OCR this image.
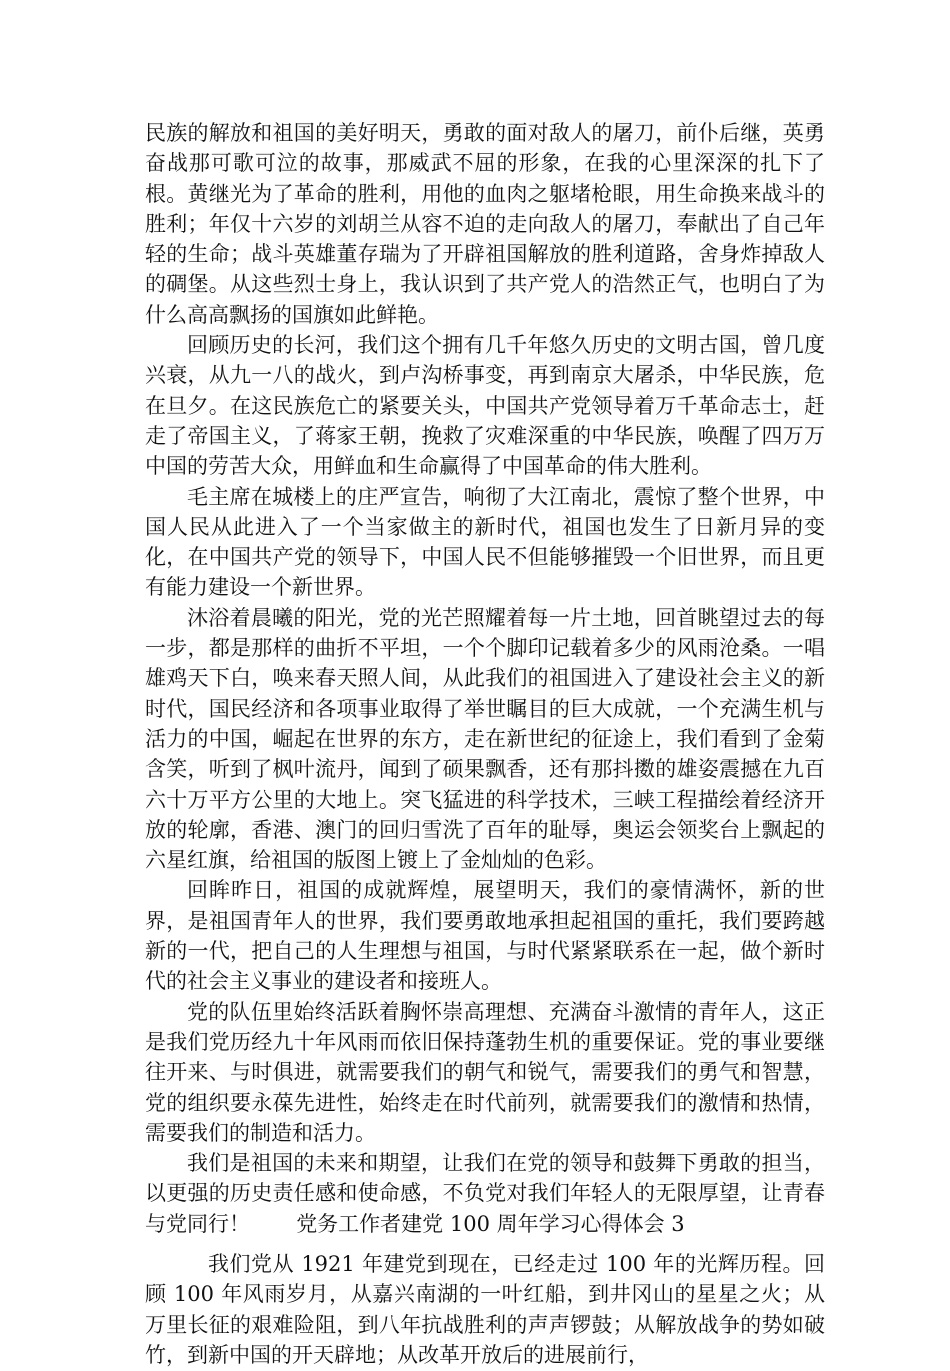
民族的解放和祖国的美好明天，勇敢的面对敌人的屠刀，前仆后继，英勇奋战那可歌可泣的故事，那威武不屈的形象，在我的心里深深的扎下了根。黄继光为了革命的胜利，用他的血肉之躯堵枪眼，用生命换来战斗的胜利；年仅十六岁的刘胡兰从容不迫的走向敌人的屠刀，奉献出了自己年轻的生命；战斗英雄董存瑞为了开辟祖国解放的胜利道路，舍身炸掉敌人的碉堡。从这些烈士身上，我认识到了共产党人的浩然正气，也明白了为什么高高飘扬的国旗如此鲜艳。

回顾历史的长河，我们这个拥有几千年悠久历史的文明古国，曾几度兴衰，从九一八的战火，到卢沟桥事变，再到南京大屠杀，中华民族，危在旦夕。在这民族危亡的紧要关头，中国共产党领导着万千革命志士，赶走了帝国主义，了蒋家王朝，挽救了灾难深重的中华民族，唤醒了四万万中国的劳苦大众，用鲜血和生命赢得了中国革命的伟大胜利。

毛主席在城楼上的庄严宣告，响彻了大江南北，震惊了整个世界，中国人民从此进入了一个当家做主的新时代，祖国也发生了日新月异的变化，在中国共产党的领导下，中国人民不但能够摧毁一个旧世界，而且更有能力建设一个新世界。

沐浴着晨曦的阳光，党的光芒照耀着每一片土地，回首眺望过去的每一步，都是那样的曲折不平坦，一个个脚印记载着多少的风雨沧桑。一唱雄鸡天下白，唤来春天照人间，从此我们的祖国进入了建设社会主义的新时代，国民经济和各项事业取得了举世瞩目的巨大成就，一个充满生机与活力的中国，崛起在世界的东方，走在新世纪的征途上，我们看到了金菊含笑，听到了枫叶流丹，闻到了硕果飘香，还有那抖擞的雄姿震撼在九百六十万平方公里的大地上。突飞猛进的科学技术，三峡工程描绘着经济开放的轮廓，香港、澳门的回归雪洗了百年的耻辱，奥运会领奖台上飘起的六星红旗，给祖国的版图上镀上了金灿灿的色彩。

回眸昨日，祖国的成就辉煌，展望明天，我们的豪情满怀，新的世界，是祖国青年人的世界，我们要勇敢地承担起祖国的重托，我们要跨越新的一代，把自己的人生理想与祖国，与时代紧紧联系在一起，做个新时代的社会主义事业的建设者和接班人。

党的队伍里始终活跃着胸怀崇高理想、充满奋斗激情的青年人，这正是我们党历经九十年风雨而依旧保持蓬勃生机的重要保证。党的事业要继往开来、与时俱进，就需要我们的朝气和锐气，需要我们的勇气和智慧，党的组织要永葆先进性，始终走在时代前列，就需要我们的激情和热情，需要我们的制造和活力。

我们是祖国的未来和期望，让我们在党的领导和鼓舞下勇敢的担当，以更强的历史责任感和使命感，不负党对我们年轻人的无限厚望，让青春与党同行！ 党务工作者建党 100 周年学习心得体会 3

我们党从 1921 年建党到现在，已经走过 100 年的光辉历程。回顾 100 年风雨岁月，从嘉兴南湖的一叶红船，到井冈山的星星之火；从万里长征的艰难险阻，到八年抗战胜利的声声锣鼓；从解放战争的势如破竹，到新中国的开天辟地；从改革开放后的进展前行，
